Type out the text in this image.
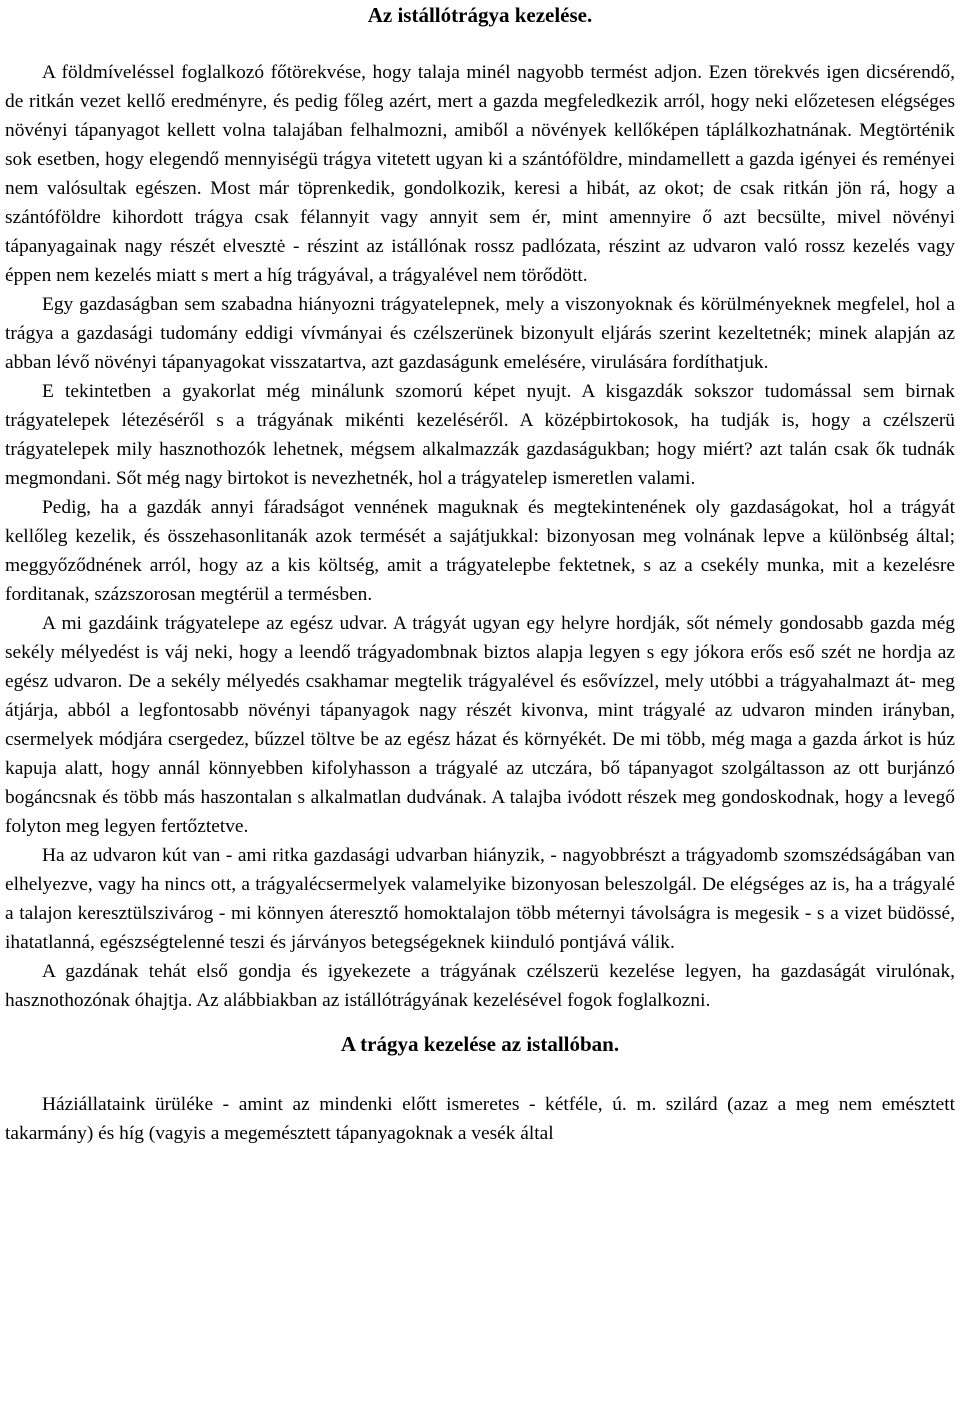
Az istállótrágya kezelése.

A földmíveléssel foglalkozó főtörekvése, hogy talaja minél nagyobb termést adjon. Ezen törekvés igen dicsérendő, de ritkán vezet kellő eredményre, és pedig főleg azért, mert a gazda megfeledkezik arról, hogy neki előzetesen elégséges növényi tápanyagot kellett volna talajában felhalmozni, amiből a növények kellőképen táplálkozhatnának. Megtörténik sok esetben, hogy elegendő mennyiségü trágya vitetett ugyan ki a szántóföldre, mindamellett a gazda igényei és reményei nem valósultak egészen. Most már töprenkedik, gondolkozik, keresi a hibát, az okot; de csak ritkán jön rá, hogy a szántóföldre kihordott trágya csak félannyit vagy annyit sem ér, mint amennyire ő azt becsülte, mivel növényi tápanyagainak nagy részét elvesztė - részint az istállónak rossz padlózata, részint az udvaron való rossz kezelés vagy éppen nem kezelés miatt s mert a híg trágyával, a trágyalével nem törődött.

Egy gazdaságban sem szabadna hiányozni trágyatelepnek, mely a viszonyoknak és körülményeknek megfelel, hol a trágya a gazdasági tudomány eddigi vívmányai és czélszerünek bizonyult eljárás szerint kezeltetnék; minek alapján az abban lévő növényi tápanyagokat visszatartva, azt gazdaságunk emelésére, virulására fordíthatjuk.

E tekintetben a gyakorlat még minálunk szomorú képet nyujt. A kisgazdák sokszor tudomással sem birnak trágyatelepek létezéséről s a trágyának mikénti kezeléséről. A középbirtokosok, ha tudják is, hogy a czélszerü trágyatelepek mily hasznothozók lehetnek, mégsem alkalmazzák gazdaságukban; hogy miért? azt talán csak ők tudnák megmondani. Sőt még nagy birtokot is nevezhetnék, hol a trágyatelep ismeretlen valami.

Pedig, ha a gazdák annyi fáradságot vennének maguknak és megtekintenének oly gazdaságokat, hol a trágyát kellőleg kezelik, és összehasonlitanák azok termését a sajátjukkal: bizonyosan meg volnának lepve a különbség által; meggyőződnének arról, hogy az a kis költség, amit a trágyatelepbe fektetnek, s az a csekély munka, mit a kezelésre forditanak, százszorosan megtérül a termésben.

A mi gazdáink trágyatelepe az egész udvar. A trágyát ugyan egy helyre hordják, sőt némely gondosabb gazda még sekély mélyedést is váj neki, hogy a leendő trágyadombnak biztos alapja legyen s egy jókora erős eső szét ne hordja az egész udvaron. De a sekély mélyedés csakhamar megtelik trágyalével és esővízzel, mely utóbbi a trágyahalmazt át- meg átjárja, abból a legfontosabb növényi tápanyagok nagy részét kivonva, mint trágyalé az udvaron minden irányban, csermelyek módjára csergedez, bűzzel töltve be az egész házat és környékét. De mi több, még maga a gazda árkot is húz kapuja alatt, hogy annál könnyebben kifolyhasson a trágyalé az utczára, bő tápanyagot szolgáltasson az ott burjánzó bogáncsnak és több más haszontalan s alkalmatlan dudvának. A talajba ivódott részek meg gondoskodnak, hogy a levegő folyton meg legyen fertőztetve.

Ha az udvaron kút van - ami ritka gazdasági udvarban hiányzik, - nagyobbrészt a trágyadomb szomszédságában van elhelyezve, vagy ha nincs ott, a trágyalécsermelyek valamelyike bizonyosan beleszolgál. De elégséges az is, ha a trágyalé a talajon keresztülszivárog - mi könnyen áteresztő homoktalajon több méternyi távolságra is megesik - s a vizet büdössé, ihatatlanná, egészségtelenné teszi és járványos betegségeknek kiinduló pontjává válik.

A gazdának tehát első gondja és igyekezete a trágyának czélszerü kezelése legyen, ha gazdaságát virulónak, hasznothozónak óhajtja. Az alábbiakban az istállótrágyának kezelésével fogok foglalkozni.

A trágya kezelése az istallóban.

Háziállataink ürüléke - amint az mindenki előtt ismeretes - kétféle, ú. m. szilárd (azaz a meg nem emésztett takarmány) és híg (vagyis a megemésztett tápanyagoknak a vesék által
